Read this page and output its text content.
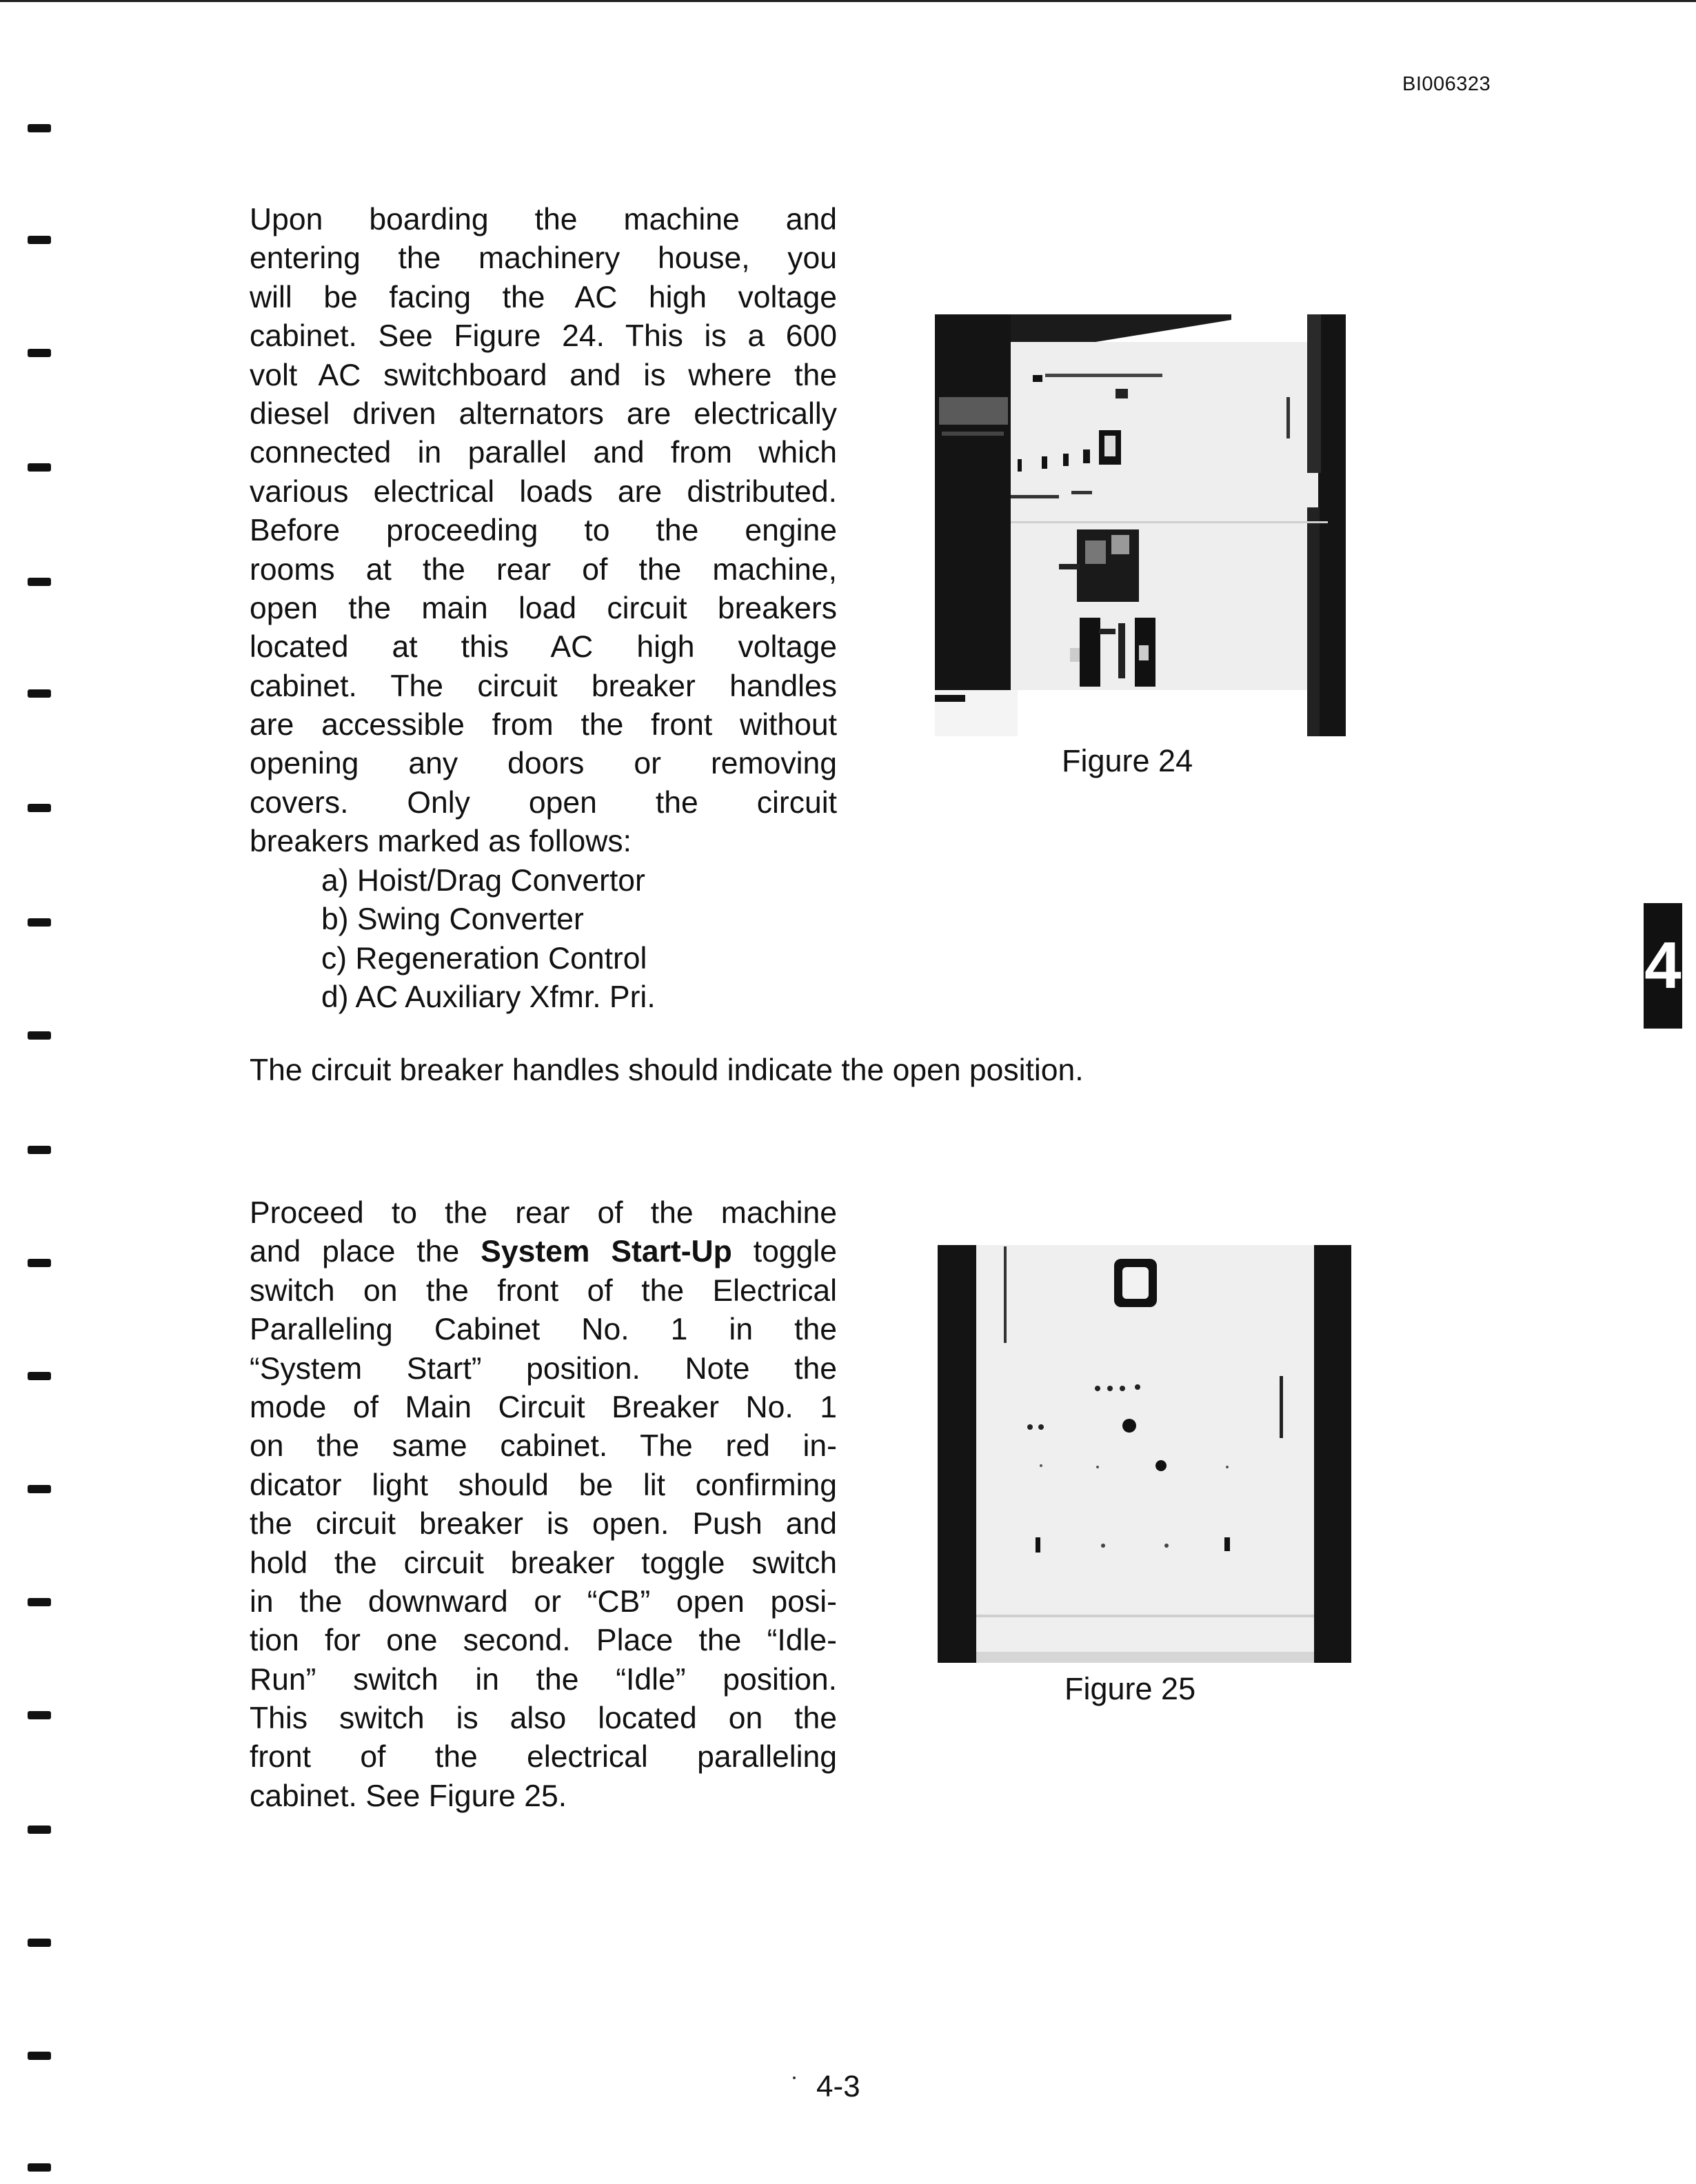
BI006323
Upon boarding the machine and
entering the machinery house, you
will be facing the AC high voltage
cabinet. See Figure 24. This is a 600
volt AC switchboard and is where the
diesel driven alternators are electrically
connected in parallel and from which
various electrical loads are distributed.
Before proceeding to the engine
rooms at the rear of the machine,
open the main load circuit breakers
located at this AC high voltage
cabinet. The circuit breaker handles
are accessible from the front without
opening any doors or removing
covers. Only open the circuit
breakers marked as follows:
a) Hoist/Drag Convertor
b) Swing Converter
c) Regeneration Control
d) AC Auxiliary Xfmr. Pri.
The circuit breaker handles should indicate the open position.
Figure 24
4
Proceed to the rear of the machine
and place the System Start-Up toggle
switch on the front of the Electrical
Paralleling Cabinet No. 1 in the
“System Start” position. Note the
mode of Main Circuit Breaker No. 1
on the same cabinet. The red in-
dicator light should be lit confirming
the circuit breaker is open. Push and
hold the circuit breaker toggle switch
in the downward or “CB” open posi-
tion for one second. Place the “Idle-
Run” switch in the “Idle” position.
This switch is also located on the
front of the electrical paralleling
cabinet. See Figure 25.
Figure 25
4-3
